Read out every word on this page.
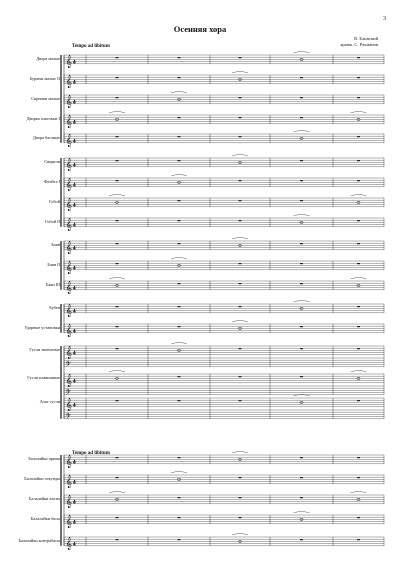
3
Осенняя хора
В. Блинский
аранж. С. Рахманов
Tempo ad libitum
Tempo ad libitum
Двора малые
Бураны малые II
Скрипки малые
Дворка альтовые I
Двора басовые
Свирели
Флейта I
Гобой
Гобой II
Баян
Баян II
Баян III
Бубен
Ударные установки
Гусли звончатые
Гусли клавишные
Альт гусли
Балалайки прима
Балалайки секунды
Балалайки альты
Балалайки басы
Балалайки контрабасы
𝄞 4
𝄞 4
𝄞 4
𝄞 4
𝄞 4
𝄞 4
𝄞 4
𝄞 4
𝄞 4
𝄞 4
𝄞 4
𝄞 4
𝄞 4
𝄞 4
𝄞 4
𝄢
𝄞 4
𝄢
𝄞 4
𝄢
𝄞 4
𝄞 4
𝄞 4
𝄞 4
𝄞 4
